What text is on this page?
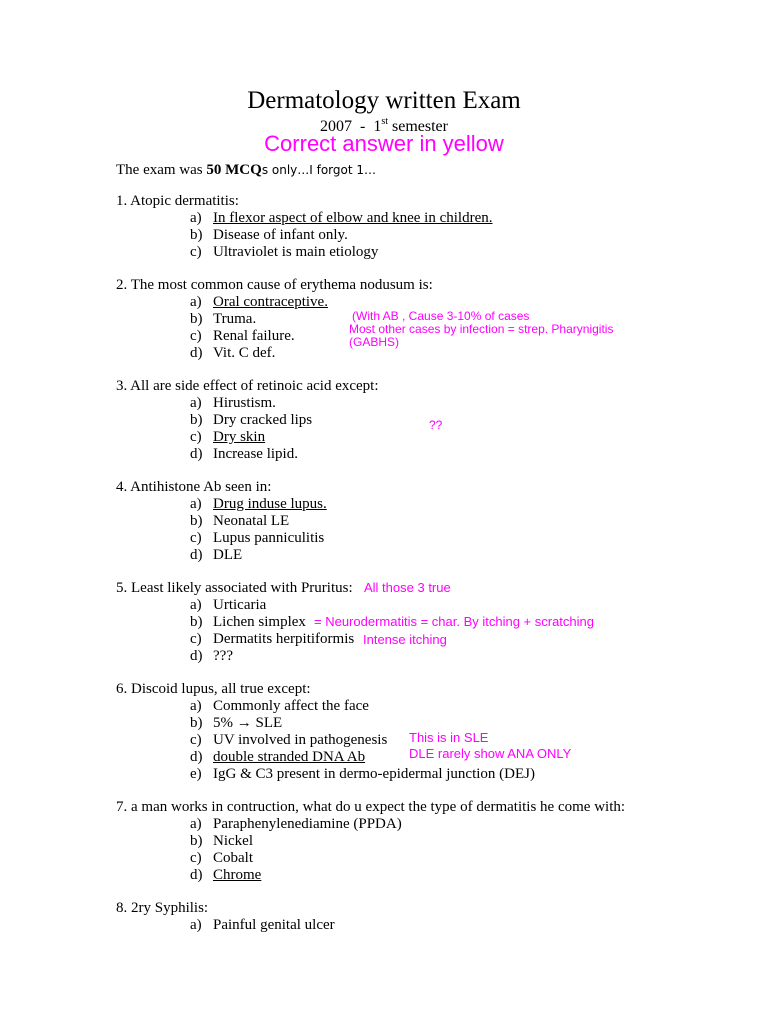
Dermatology written Exam
2007 - 1st semester
Correct answer in yellow
The exam was 50 MCQs only…I forgot 1…
1. Atopic dermatitis:
a) In flexor aspect of elbow and knee in children.
b) Disease of infant only.
c) Ultraviolet is main etiology
2. The most common cause of erythema nodusum is:
a) Oral contraceptive.
b) Truma.
c) Renal failure.
d) Vit. C def.
(With AB , Cause 3-10% of cases
Most other cases by infection = strep. Pharynigitis
(GABHS)
3. All are side effect of retinoic acid except:
a) Hirustism.
b) Dry cracked lips
c) Dry skin
d) Increase lipid.
??
4. Antihistone Ab seen in:
a) Drug induse lupus.
b) Neonatal LE
c) Lupus panniculitis
d) DLE
5. Least likely associated with Pruritus:
a) Urticaria
b) Lichen simplex
c) Dermatits herpitiformis
d) ???
All those 3 true
= Neurodermatitis = char. By itching + scratching
Intense itching
6. Discoid lupus, all true except:
a) Commonly affect the face
b) 5% → SLE
c) UV involved in pathogenesis
d) double stranded DNA Ab
e) IgG & C3 present in dermo-epidermal junction (DEJ)
This is in SLE
DLE rarely show ANA ONLY
7. a man works in contruction, what do u expect the type of dermatitis he come with:
a) Paraphenylenediamine (PPDA)
b) Nickel
c) Cobalt
d) Chrome
8. 2ry Syphilis:
a) Painful genital ulcer
